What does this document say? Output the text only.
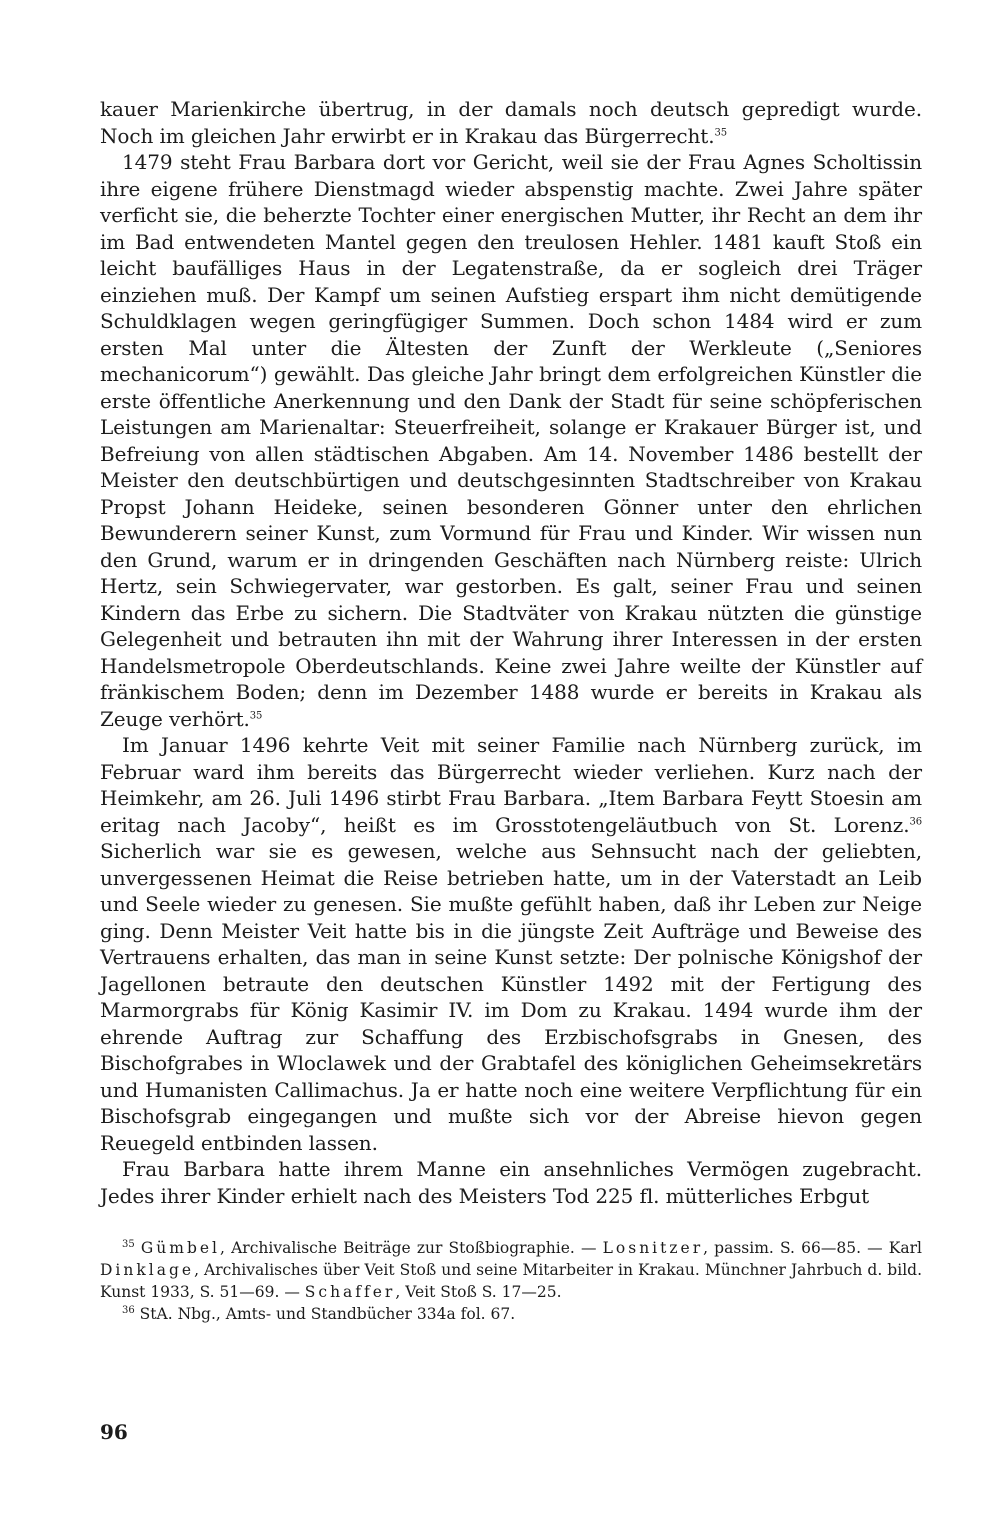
kauer Marienkirche übertrug, in der damals noch deutsch gepredigt wurde. Noch im gleichen Jahr erwirbt er in Krakau das Bürgerrecht.$^{35}$

1479 steht Frau Barbara dort vor Gericht, weil sie der Frau Agnes Scholtissin ihre eigene frühere Dienstmagd wieder abspenstig machte. Zwei Jahre später verficht sie, die beherzte Tochter einer energischen Mutter, ihr Recht an dem ihr im Bad entwendeten Mantel gegen den treulosen Hehler. 1481 kauft Stoß ein leicht baufälliges Haus in der Legatenstraße, da er sogleich drei Träger einziehen muß. Der Kampf um seinen Aufstieg erspart ihm nicht demütigende Schuldklagen wegen geringfügiger Summen. Doch schon 1484 wird er zum ersten Mal unter die Ältesten der Zunft der Werkleute („Seniores mechanicorum“) gewählt. Das gleiche Jahr bringt dem erfolgreichen Künstler die erste öffentliche Anerkennung und den Dank der Stadt für seine schöpferischen Leistungen am Marienaltar: Steuerfreiheit, solange er Krakauer Bürger ist, und Befreiung von allen städtischen Abgaben. Am 14. November 1486 bestellt der Meister den deutschbürtigen und deutschgesinnten Stadtschreiber von Krakau Propst Johann Heideke, seinen besonderen Gönner unter den ehrlichen Bewunderern seiner Kunst, zum Vormund für Frau und Kinder. Wir wissen nun den Grund, warum er in dringenden Geschäften nach Nürnberg reiste: Ulrich Hertz, sein Schwiegervater, war gestorben. Es galt, seiner Frau und seinen Kindern das Erbe zu sichern. Die Stadtväter von Krakau nützten die günstige Gelegenheit und betrauten ihn mit der Wahrung ihrer Interessen in der ersten Handelsmetropole Oberdeutschlands. Keine zwei Jahre weilte der Künstler auf fränkischem Boden; denn im Dezember 1488 wurde er bereits in Krakau als Zeuge verhört.$^{35}$

Im Januar 1496 kehrte Veit mit seiner Familie nach Nürnberg zurück, im Februar ward ihm bereits das Bürgerrecht wieder verliehen. Kurz nach der Heimkehr, am 26. Juli 1496 stirbt Frau Barbara. „Item Barbara Feytt Stoesin am eritag nach Jacoby“, heißt es im Grosstotengeläutbuch von St. Lorenz.$^{36}$ Sicherlich war sie es gewesen, welche aus Sehnsucht nach der geliebten, unvergessenen Heimat die Reise betrieben hatte, um in der Vaterstadt an Leib und Seele wieder zu genesen. Sie mußte gefühlt haben, daß ihr Leben zur Neige ging. Denn Meister Veit hatte bis in die jüngste Zeit Aufträge und Beweise des Vertrauens erhalten, das man in seine Kunst setzte: Der polnische Königshof der Jagellonen betraute den deutschen Künstler 1492 mit der Fertigung des Marmorgrabs für König Kasimir IV. im Dom zu Krakau. 1494 wurde ihm der ehrende Auftrag zur Schaffung des Erzbischofsgrabs in Gnesen, des Bischofgrabes in Wloclawek und der Grabtafel des königlichen Geheimsekretärs und Humanisten Callimachus. Ja er hatte noch eine weitere Verpflichtung für ein Bischofsgrab eingegangen und mußte sich vor der Abreise hievon gegen Reuegeld entbinden lassen.

Frau Barbara hatte ihrem Manne ein ansehnliches Vermögen zugebracht. Jedes ihrer Kinder erhielt nach des Meisters Tod 225 fl. mütterliches Erbgut

$^{35}$ Gümbel, Archivalische Beiträge zur Stoßbiographie. — Losnitzer, passim. S. 66—85. — Karl Dinklage, Archivalisches über Veit Stoß und seine Mitarbeiter in Krakau. Münchner Jahrbuch d. bild. Kunst 1933, S. 51—69. — Schaffer, Veit Stoß S. 17—25.

$^{36}$ StA. Nbg., Amts- und Standbücher 334a fol. 67.

96
